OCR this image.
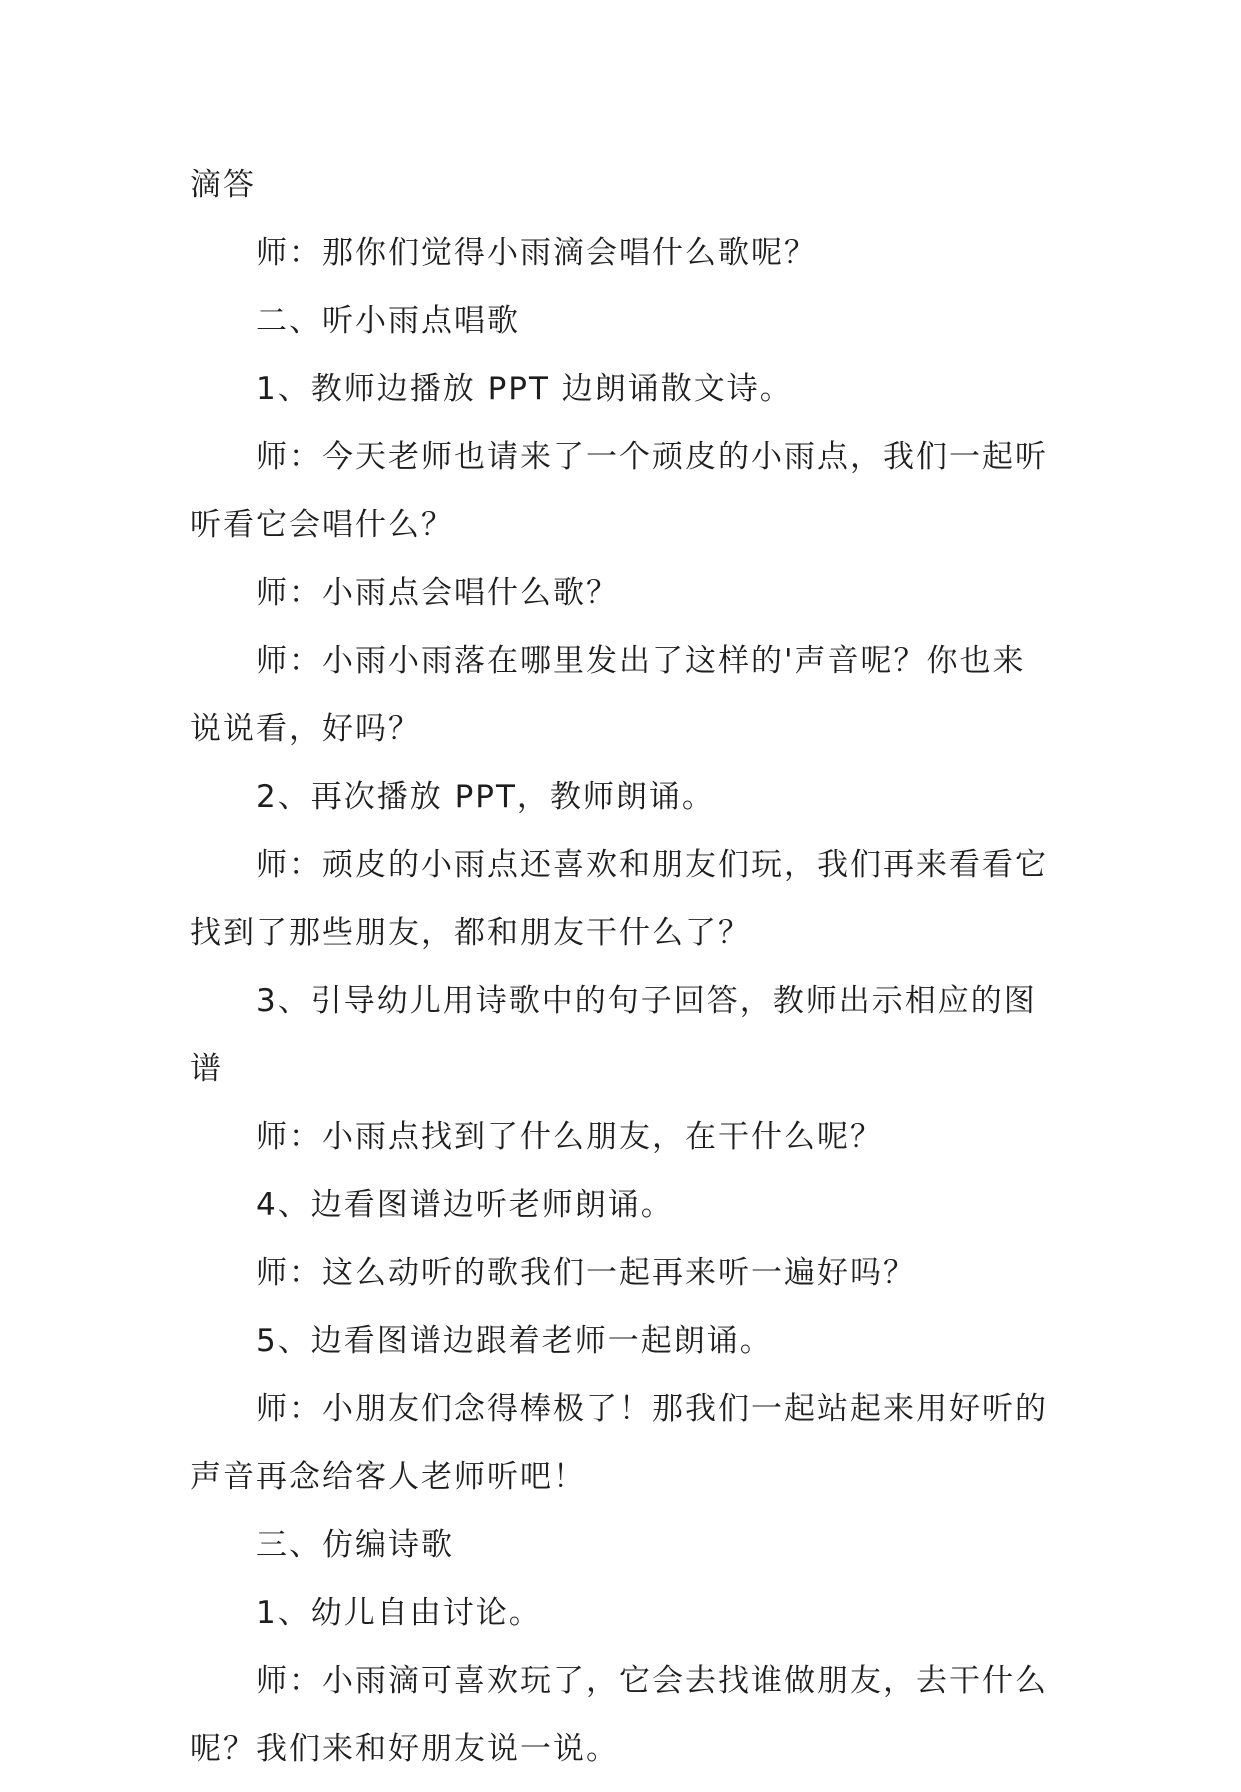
滴答

师：那你们觉得小雨滴会唱什么歌呢？

二、听小雨点唱歌

1、教师边播放 PPT 边朗诵散文诗。

师：今天老师也请来了一个顽皮的小雨点，我们一起听

听看它会唱什么？

师：小雨点会唱什么歌？

师：小雨小雨落在哪里发出了这样的'声音呢？你也来

说说看，好吗？

2、再次播放 PPT，教师朗诵。

师：顽皮的小雨点还喜欢和朋友们玩，我们再来看看它

找到了那些朋友，都和朋友干什么了？

3、引导幼儿用诗歌中的句子回答，教师出示相应的图

谱

师：小雨点找到了什么朋友，在干什么呢？

4、边看图谱边听老师朗诵。

师：这么动听的歌我们一起再来听一遍好吗？

5、边看图谱边跟着老师一起朗诵。

师：小朋友们念得棒极了！那我们一起站起来用好听的

声音再念给客人老师听吧！

三、仿编诗歌

1、幼儿自由讨论。

师：小雨滴可喜欢玩了，它会去找谁做朋友，去干什么

呢？我们来和好朋友说一说。
